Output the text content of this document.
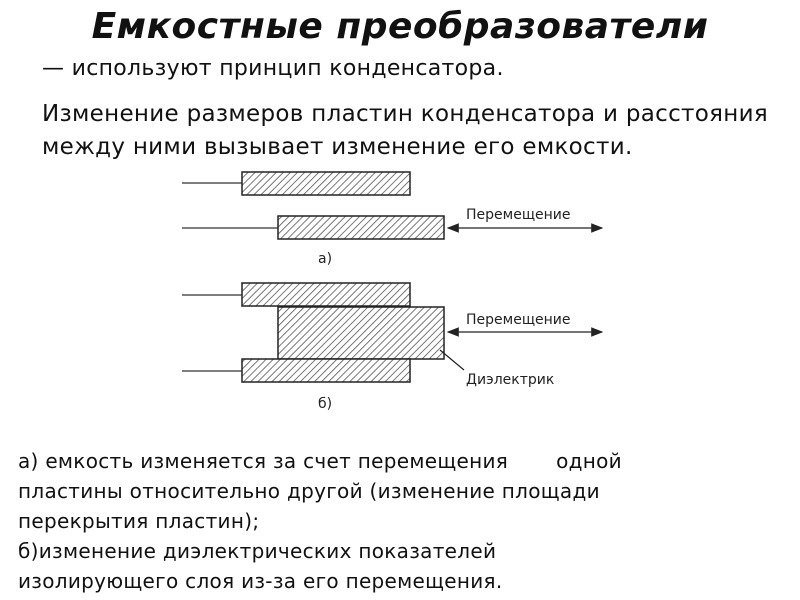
Емкостные преобразователи
— используют принцип конденсатора.
Изменение размеров пластин конденсатора и расстояния между ними вызывает изменение его емкости.
Перемещение
а)
Перемещение
Диэлектрик
б)

а) емкость изменяется за счет перемещения одной

пластины относительно другой (изменение площади

перекрытия пластин);

б)изменение диэлектрических показателей

изолирующего слоя из-за его перемещения.
